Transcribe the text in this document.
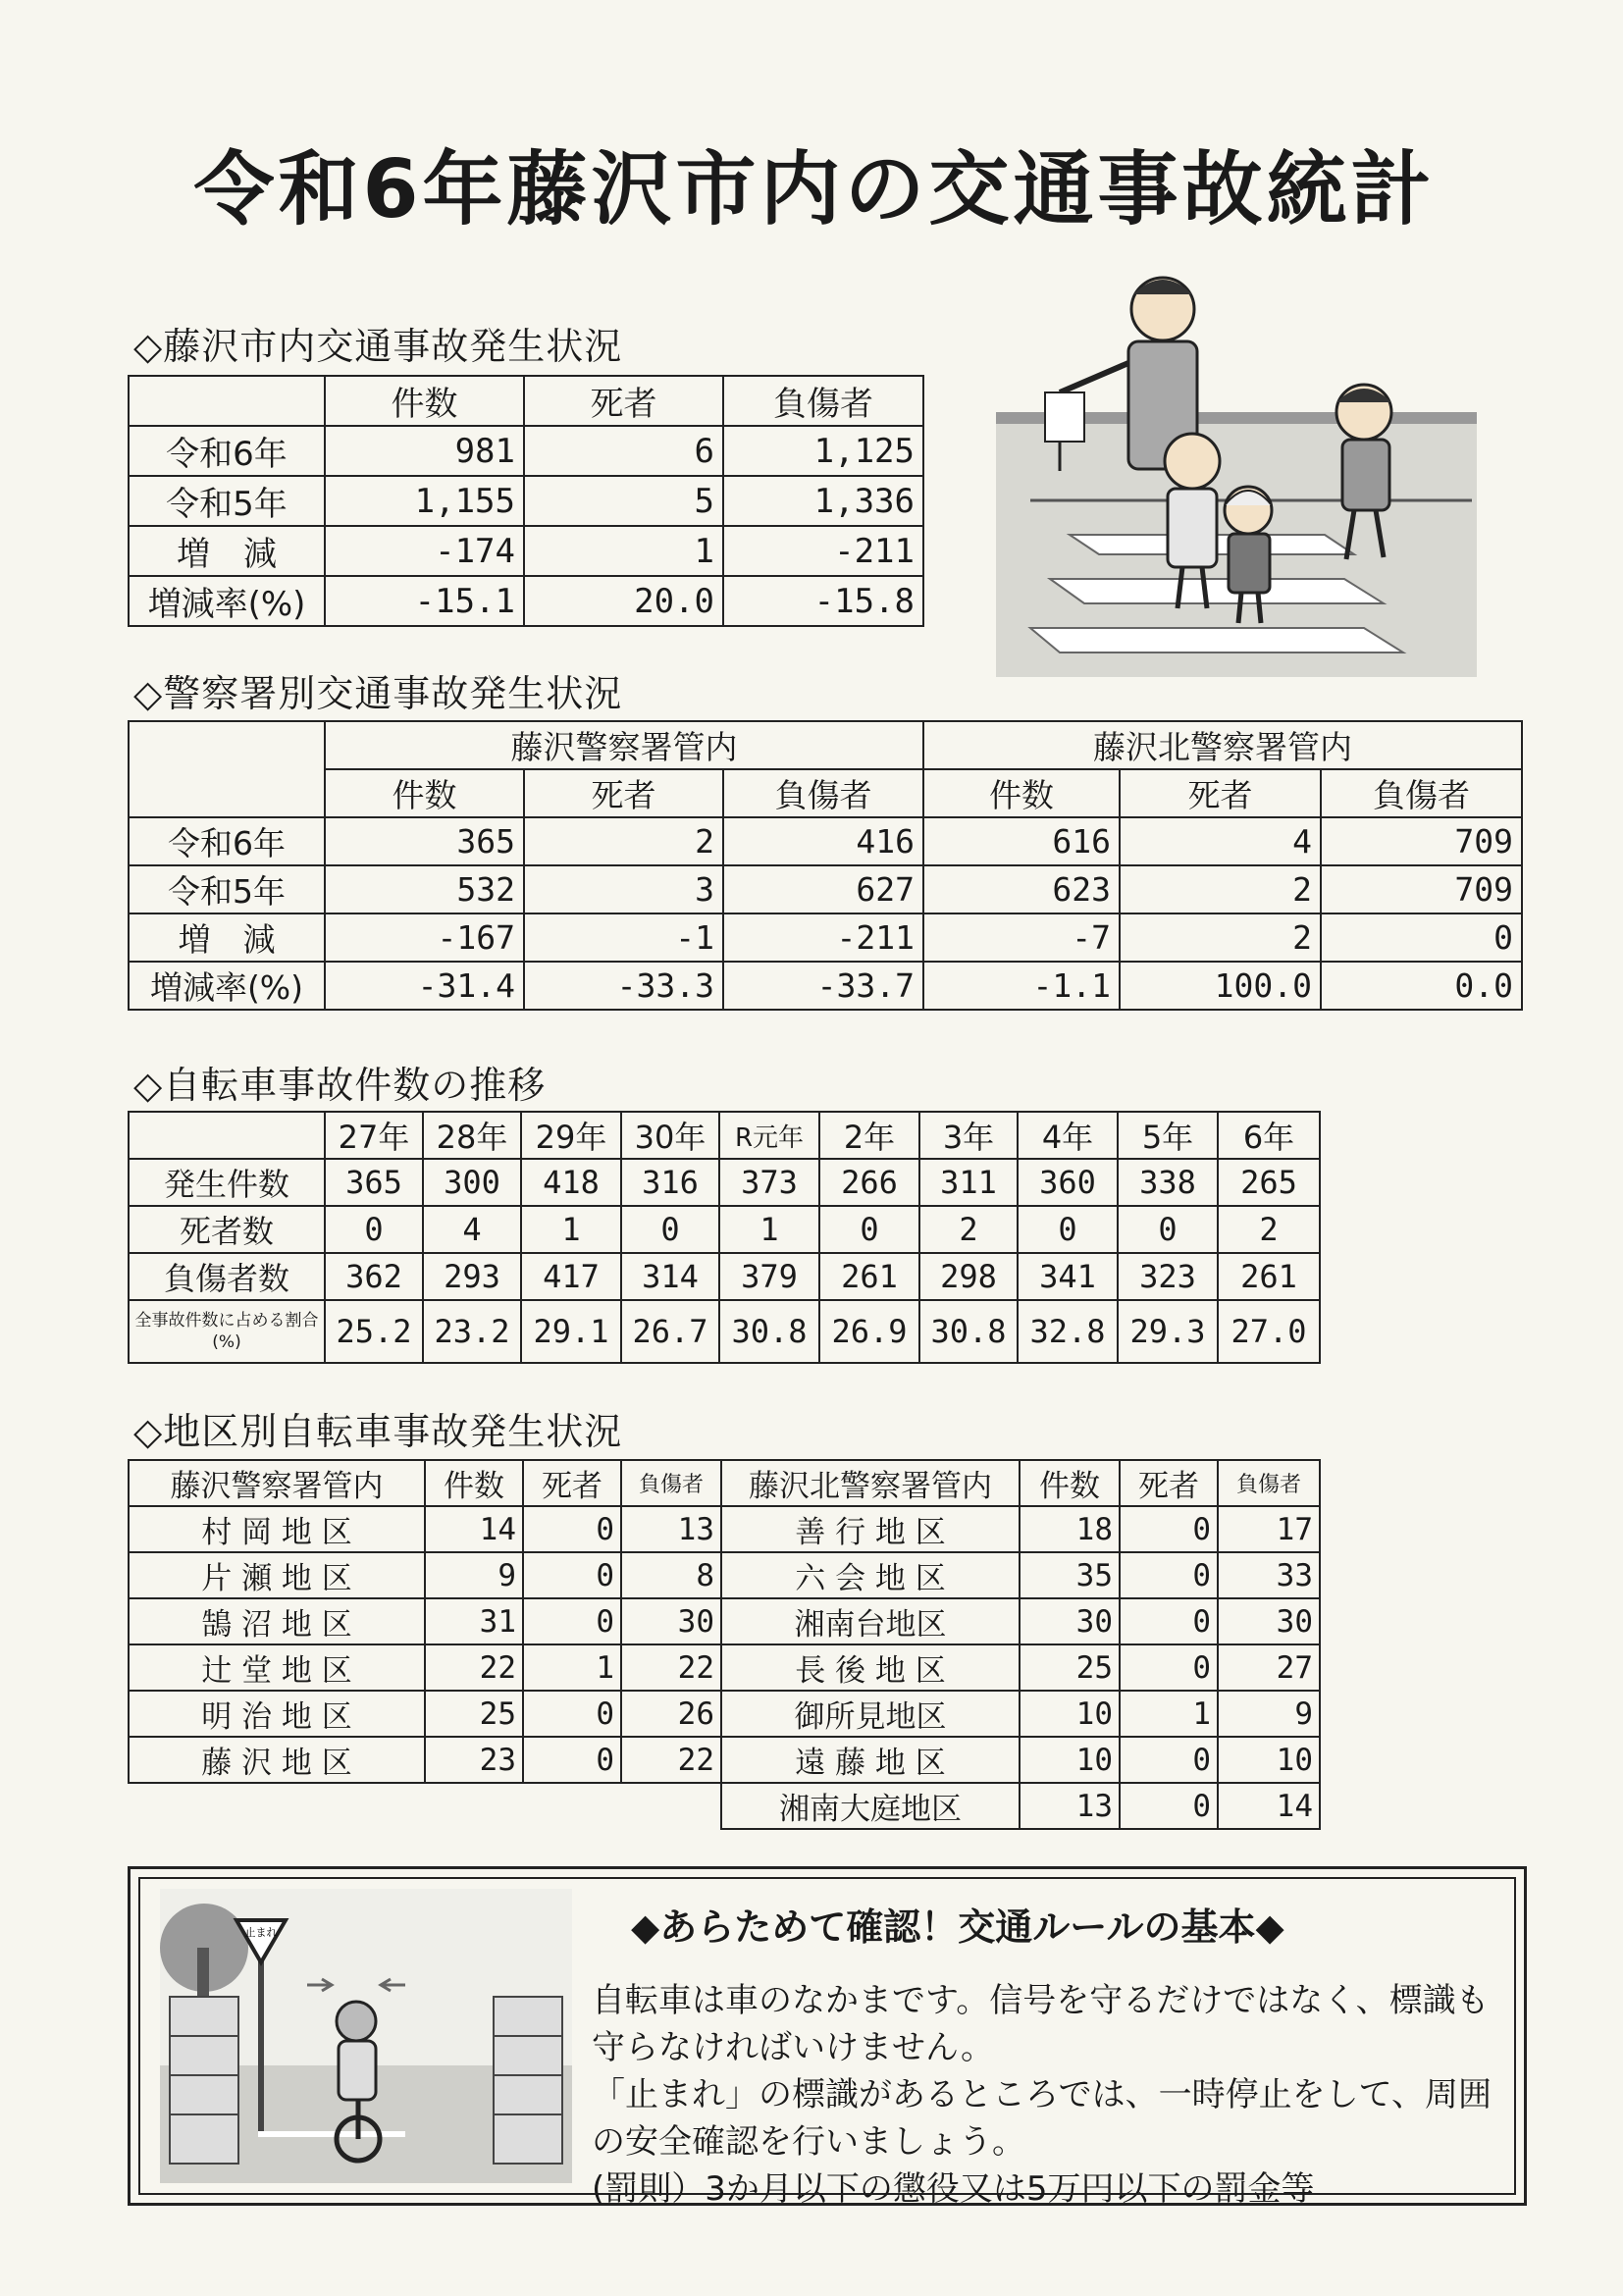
令和6年藤沢市内の交通事故統計
◇藤沢市内交通事故発生状況
	件数	死者	負傷者
令和6年	981	6	1,125
令和5年	1,155	5	1,336
増　減	-174	1	-211
増減率(%)	-15.1	20.0	-15.8
◇警察署別交通事故発生状況
	藤沢警察署管内			藤沢北警察署管内		
	件数	死者	負傷者	件数	死者	負傷者
令和6年	365	2	416	616	4	709
令和5年	532	3	627	623	2	709
増　減	-167	-1	-211	-7	2	0
増減率(%)	-31.4	-33.3	-33.7	-1.1	100.0	0.0
◇自転車事故件数の推移
	27年	28年	29年	30年	R元年	2年	3年	4年	5年	6年
発生件数	365	300	418	316	373	266	311	360	338	265
死者数	0	4	1	0	1	0	2	0	0	2
負傷者数	362	293	417	314	379	261	298	341	323	261
全事故件数に占める割合(%)	25.2	23.2	29.1	26.7	30.8	26.9	30.8	32.8	29.3	27.0
◇地区別自転車事故発生状況
藤沢警察署管内	件数	死者	負傷者	藤沢北警察署管内	件数	死者	負傷者
村 岡 地 区	14	0	13	善 行 地 区	18	0	17
片 瀬 地 区	9	0	8	六 会 地 区	35	0	33
鵠 沼 地 区	31	0	30	湘南台地区	30	0	30
辻 堂 地 区	22	1	22	長 後 地 区	25	0	27
明 治 地 区	25	0	26	御所見地区	10	1	9
藤 沢 地 区	23	0	22	遠 藤 地 区	10	0	10
				湘南大庭地区	13	0	14
止まれ	◆あらためて確認！交通ルールの基本◆

自転車は車のなかまです。信号を守るだけではなく、標識も守らなければいけません。

「止まれ」の標識があるところでは、一時停止をして、周囲の安全確認を行いましょう。

(罰則）3か月以下の懲役又は5万円以下の罰金等
